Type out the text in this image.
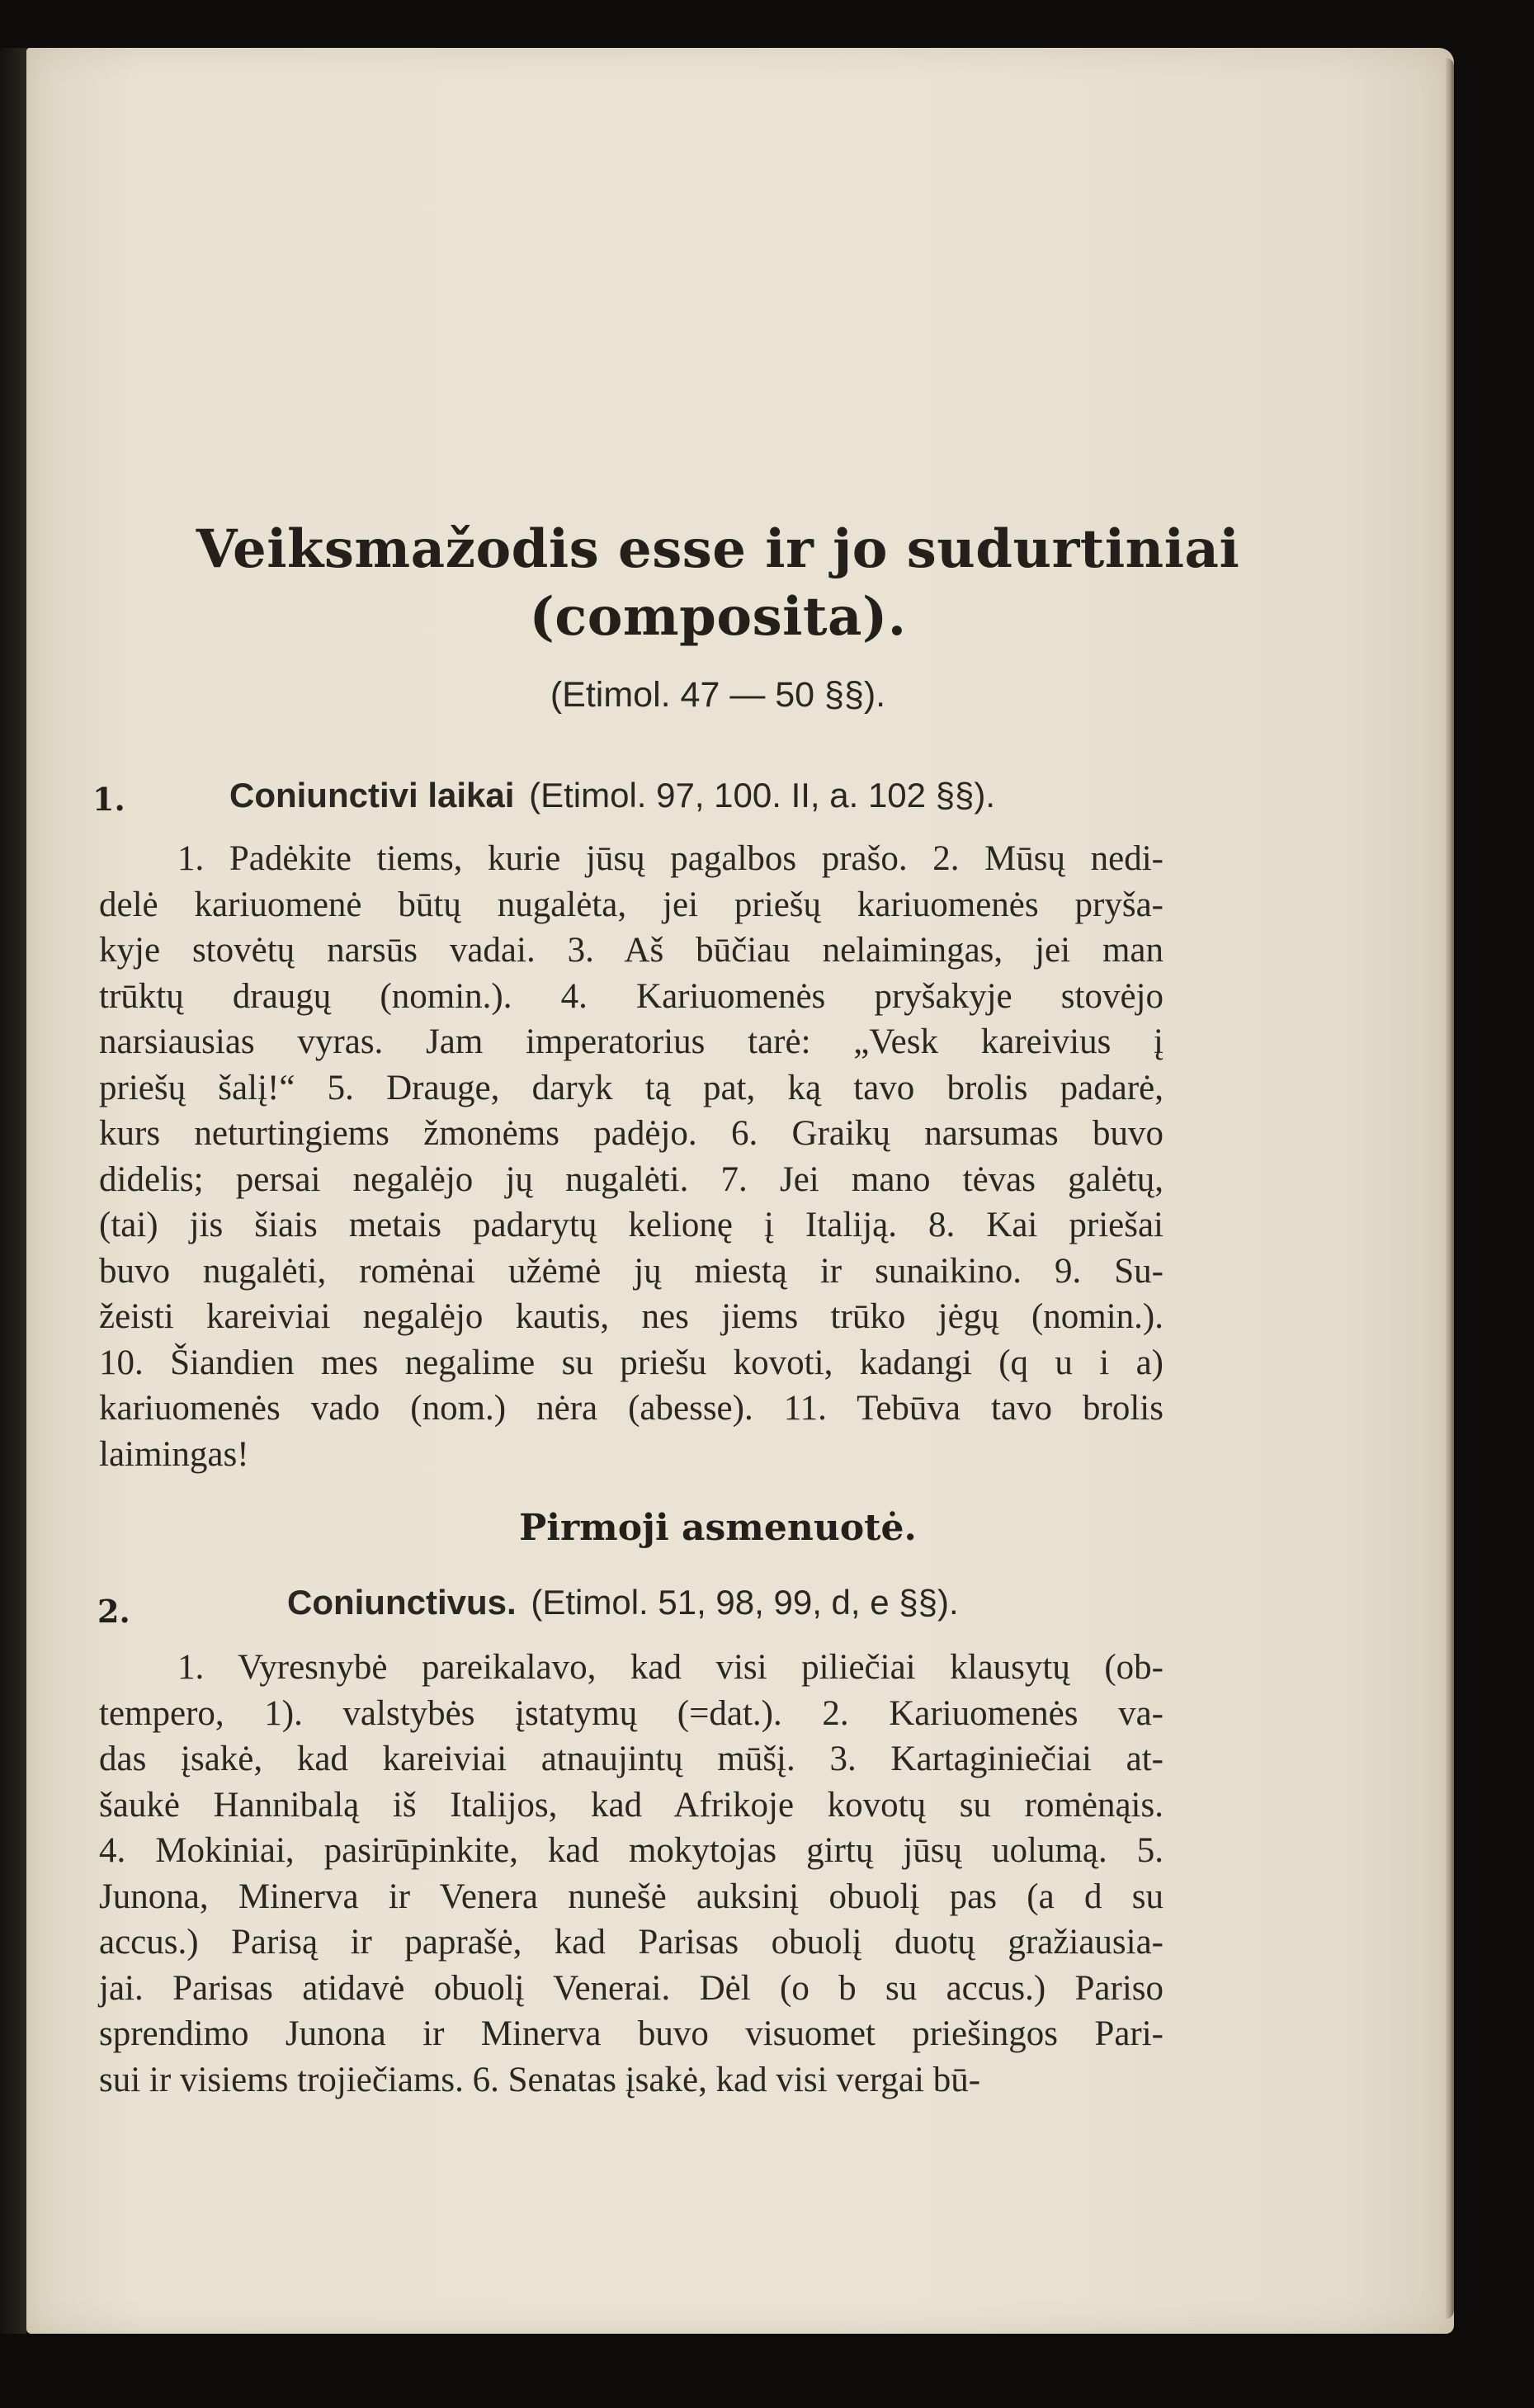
Veiksmažodis esse ir jo sudurtiniai
(composita).
(Etimol. 47 — 50 §§).
1.	Coniunctivi laikai (Etimol. 97, 100. II, a. 102 §§).
1. Padėkite tiems, kurie jūsų pagalbos prašo. 2. Mūsų nedi-
delė kariuomenė būtų nugalėta, jei priešų kariuomenės pryša-
kyje stovėtų narsūs vadai. 3. Aš būčiau nelaimingas, jei man
trūktų draugų (nomin.). 4. Kariuomenės pryšakyje stovėjo
narsiausias vyras. Jam imperatorius tarė: „Vesk kareivius į
priešų šalį!“ 5. Drauge, daryk tą pat, ką tavo brolis padarė,
kurs neturtingiems žmonėms padėjo. 6. Graikų narsumas buvo
didelis; persai negalėjo jų nugalėti. 7. Jei mano tėvas galėtų,
(tai) jis šiais metais padarytų kelionę į Italiją. 8. Kai priešai
buvo nugalėti, romėnai užėmė jų miestą ir sunaikino. 9. Su-
žeisti kareiviai negalėjo kautis, nes jiems trūko jėgų (nomin.).
10. Šiandien mes negalime su priešu kovoti, kadangi (q u i a)
kariuomenės vado (nom.) nėra (abesse). 11. Tebūva tavo brolis
laimingas!
Pirmoji asmenuotė.
2.	Coniunctivus. (Etimol. 51, 98, 99, d, e §§).
1. Vyresnybė pareikalavo, kad visi piliečiai klausytų (ob-
tempero, 1). valstybės įstatymų (=dat.). 2. Kariuomenės va-
das įsakė, kad kareiviai atnaujintų mūšį. 3. Kartaginiečiai at-
šaukė Hannibalą iš Italijos, kad Afrikoje kovotų su romėnąis.
4. Mokiniai, pasirūpinkite, kad mokytojas girtų jūsų uolumą. 5.
Junona, Minerva ir Venera nunešė auksinį obuolį pas (a d su
accus.) Parisą ir paprašė, kad Parisas obuolį duotų gražiausia-
jai. Parisas atidavė obuolį Venerai. Dėl (o b su accus.) Pariso
sprendimo Junona ir Minerva buvo visuomet priešingos Pari-
sui ir visiems trojiečiams. 6. Senatas įsakė, kad visi vergai bū-
